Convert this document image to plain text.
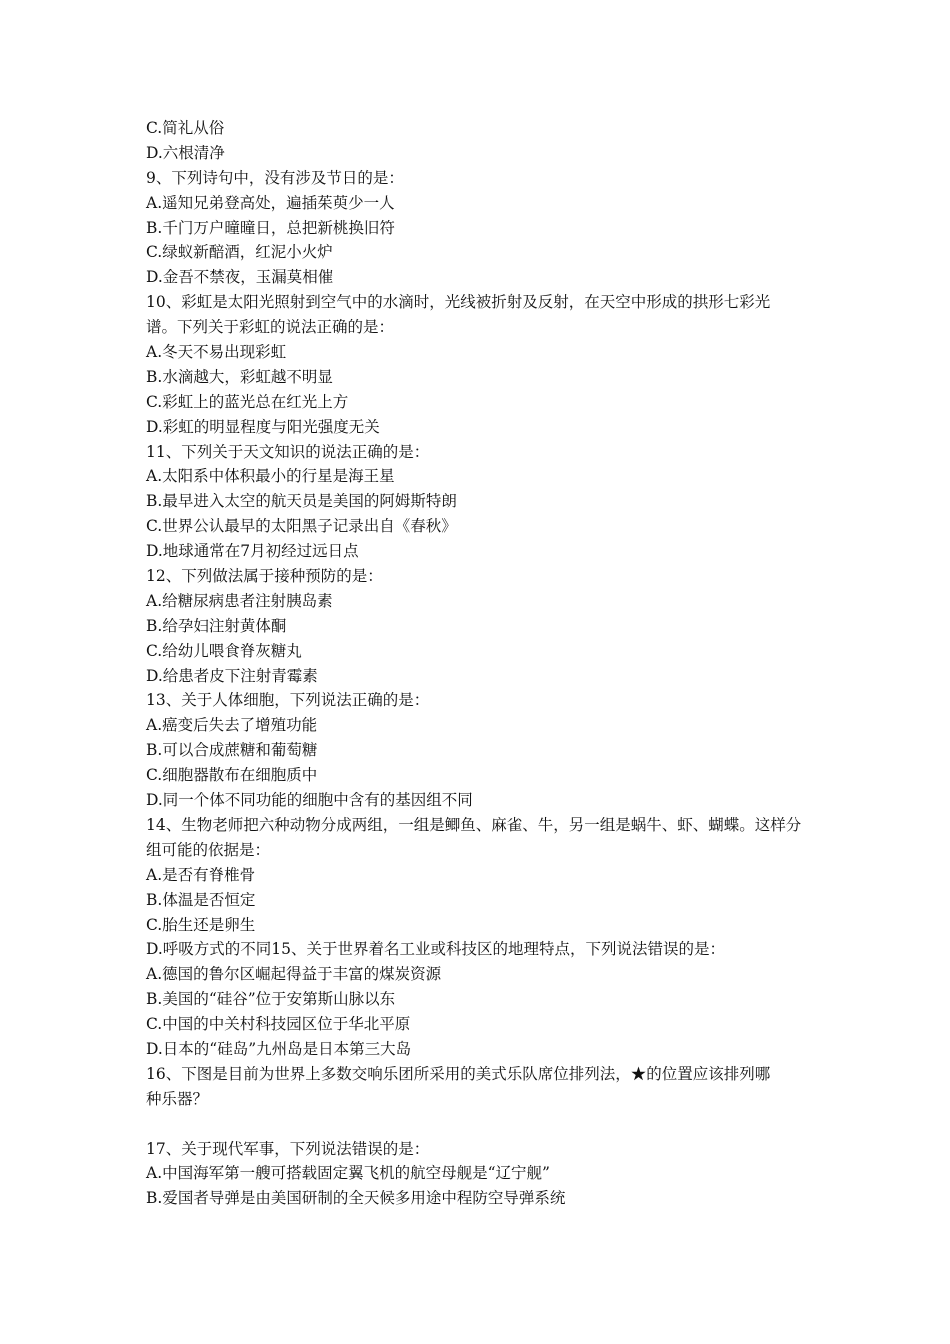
C.简礼从俗
D.六根清净
9、下列诗句中，没有涉及节日的是：
A.遥知兄弟登高处，遍插茱萸少一人
B.千门万户曈曈日，总把新桃换旧符
C.绿蚁新醅酒，红泥小火炉
D.金吾不禁夜，玉漏莫相催
10、彩虹是太阳光照射到空气中的水滴时，光线被折射及反射，在天空中形成的拱形七彩光
谱。下列关于彩虹的说法正确的是：
A.冬天不易出现彩虹
B.水滴越大，彩虹越不明显
C.彩虹上的蓝光总在红光上方
D.彩虹的明显程度与阳光强度无关
11、下列关于天文知识的说法正确的是：
A.太阳系中体积最小的行星是海王星
B.最早进入太空的航天员是美国的阿姆斯特朗
C.世界公认最早的太阳黑子记录出自《春秋》
D.地球通常在7月初经过远日点
12、下列做法属于接种预防的是：
A.给糖尿病患者注射胰岛素
B.给孕妇注射黄体酮
C.给幼儿喂食脊灰糖丸
D.给患者皮下注射青霉素
13、关于人体细胞，下列说法正确的是：
A.癌变后失去了增殖功能
B.可以合成蔗糖和葡萄糖
C.细胞器散布在细胞质中
D.同一个体不同功能的细胞中含有的基因组不同
14、生物老师把六种动物分成两组，一组是鲫鱼、麻雀、牛，另一组是蜗牛、虾、蝴蝶。这样分
组可能的依据是：
A.是否有脊椎骨
B.体温是否恒定
C.胎生还是卵生
D.呼吸方式的不同15、关于世界着名工业或科技区的地理特点，下列说法错误的是：
A.德国的鲁尔区崛起得益于丰富的煤炭资源
B.美国的“硅谷”位于安第斯山脉以东
C.中国的中关村科技园区位于华北平原
D.日本的“硅岛”九州岛是日本第三大岛
16、下图是目前为世界上多数交响乐团所采用的美式乐队席位排列法，★的位置应该排列哪
种乐器？
17、关于现代军事，下列说法错误的是：
A.中国海军第一艘可搭载固定翼飞机的航空母舰是“辽宁舰”
B.爱国者导弹是由美国研制的全天候多用途中程防空导弹系统
